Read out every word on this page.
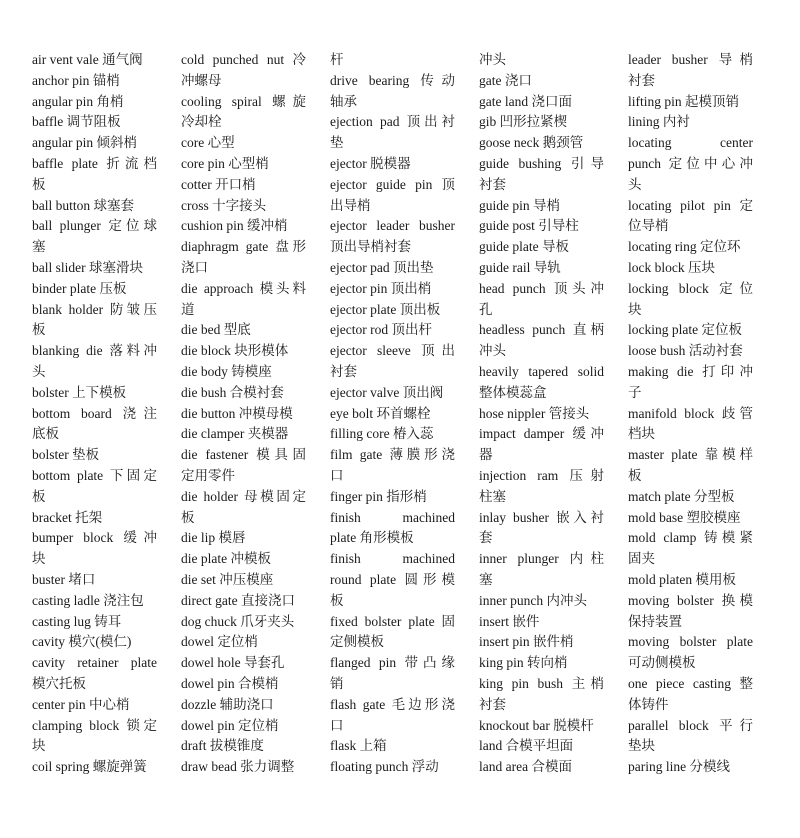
air vent vale 通气阀
anchor pin 锚梢
angular pin 角梢
baffle 调节阻板
angular pin 倾斜梢
baffle plate 折流档
板
ball button 球塞套
ball plunger 定位球
塞
ball slider 球塞滑块
binder plate 压板
blank holder 防皱压
板
blanking die 落料冲
头
bolster 上下模板
bottom board 浇注
底板
bolster 垫板
bottom plate 下固定
板
bracket 托架
bumper block 缓冲
块
buster 堵口
casting ladle 浇注包
casting lug 铸耳
cavity 模穴(模仁)
cavity retainer plate
模穴托板
center pin 中心梢
clamping block 锁定
块
coil spring 螺旋弹簧
cold punched nut 冷
冲螺母
cooling spiral 螺旋
冷却栓
core 心型
core pin 心型梢
cotter 开口梢
cross 十字接头
cushion pin 缓冲梢
diaphragm gate 盘形
浇口
die approach 模头料
道
die bed 型底
die block 块形模体
die body 铸模座
die bush 合模衬套
die button 冲模母模
die clamper 夹模器
die fastener 模具固
定用零件
die holder 母模固定
板
die lip 模唇
die plate 冲模板
die set 冲压模座
direct gate 直接浇口
dog chuck 爪牙夹头
dowel 定位梢
dowel hole 导套孔
dowel pin 合模梢
dozzle 辅助浇口
dowel pin 定位梢
draft 拔模锥度
draw bead 张力调整
杆
drive bearing 传动
轴承
ejection pad 顶出衬
垫
ejector 脱模器
ejector guide pin 顶
出导梢
ejector leader busher
顶出导梢衬套
ejector pad 顶出垫
ejector pin 顶出梢
ejector plate 顶出板
ejector rod 顶出杆
ejector sleeve 顶出
衬套
ejector valve 顶出阀
eye bolt 环首螺栓
filling core 椿入蕊
film gate 薄膜形浇
口
finger pin 指形梢
finish machined
plate 角形模板
finish machined
round plate 圆形模
板
fixed bolster plate 固
定侧模板
flanged pin 带凸缘
销
flash gate 毛边形浇
口
flask 上箱
floating punch 浮动
冲头
gate 浇口
gate land 浇口面
gib 凹形拉紧楔
goose neck 鹅颈管
guide bushing 引导
衬套
guide pin 导梢
guide post 引导柱
guide plate 导板
guide rail 导轨
head punch 顶头冲
孔
headless punch 直柄
冲头
heavily tapered solid
整体模蕊盒
hose nippler 管接头
impact damper 缓冲
器
injection ram 压射
柱塞
inlay busher 嵌入衬
套
inner plunger 内柱
塞
inner punch 内冲头
insert 嵌件
insert pin 嵌件梢
king pin 转向梢
king pin bush 主梢
衬套
knockout bar 脱模杆
land 合模平坦面
land area 合模面
leader busher 导梢
衬套
lifting pin 起模顶销
lining 内衬
locating center
punch 定位中心冲
头
locating pilot pin 定
位导梢
locating ring 定位环
lock block 压块
locking block 定位
块
locking plate 定位板
loose bush 活动衬套
making die 打印冲
子
manifold block 歧管
档块
master plate 靠模样
板
match plate 分型板
mold base 塑胶模座
mold clamp 铸模紧
固夹
mold platen 模用板
moving bolster 换模
保持装置
moving bolster plate
可动侧模板
one piece casting 整
体铸件
parallel block 平行
垫块
paring line 分模线
